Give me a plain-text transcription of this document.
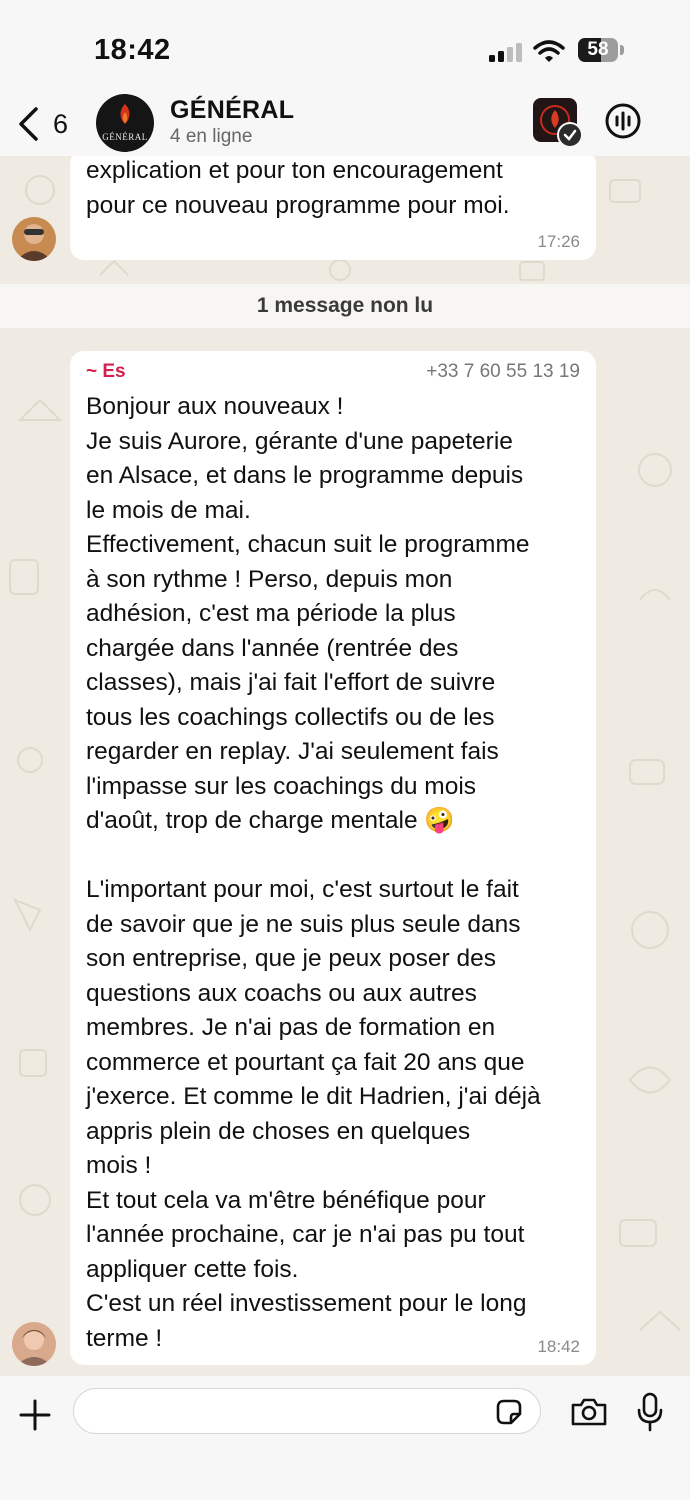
18:42	58
6	GÉNÉRAL
GÉNÉRAL
4 en ligne
explication et pour ton encouragement
pour ce nouveau programme pour moi.
17:26
1 message non lu
~ Es	+33 7 60 55 13 19
Bonjour aux nouveaux !
Je suis Aurore, gérante d'une papeterie
en Alsace, et dans le programme depuis
le mois de mai.
Effectivement, chacun suit le programme
à son rythme ! Perso, depuis mon
adhésion, c'est ma période la plus
chargée dans l'année (rentrée des
classes), mais j'ai fait l'effort de suivre
tous les coachings collectifs ou de les
regarder en replay. J'ai seulement fais
l'impasse sur les coachings du mois
d'août, trop de charge mentale 🤪
L'important pour moi, c'est surtout le fait
de savoir que je ne suis plus seule dans
son entreprise, que je peux poser des
questions aux coachs ou aux autres
membres. Je n'ai pas de formation en
commerce et pourtant ça fait 20 ans que
j'exerce. Et comme le dit Hadrien, j'ai déjà
appris plein de choses en quelques
mois !
Et tout cela va m'être bénéfique pour
l'année prochaine, car je n'ai pas pu tout
appliquer cette fois.
C'est un réel investissement pour le long
terme !	18:42
